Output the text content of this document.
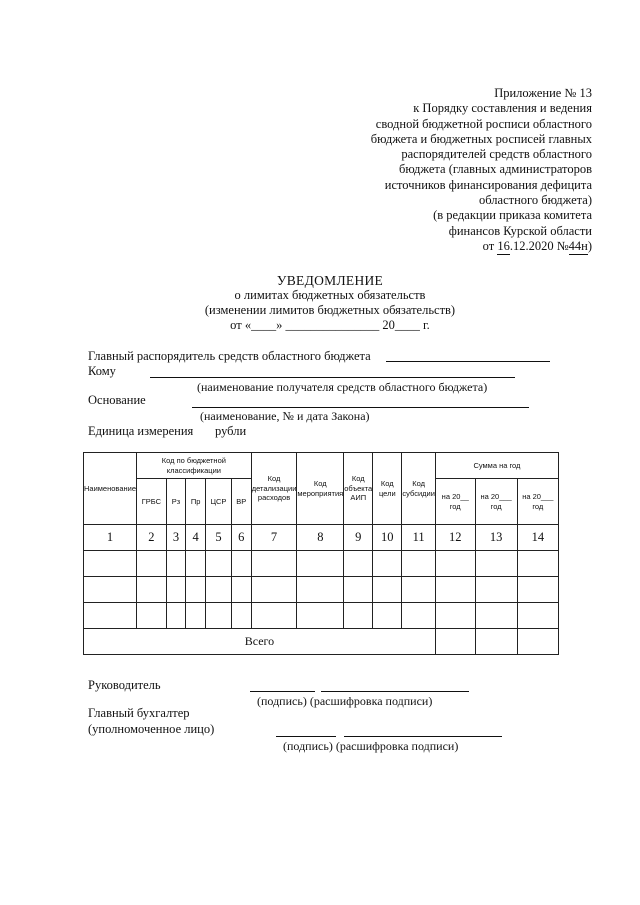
Приложение № 13
к Порядку составления и ведения
сводной бюджетной росписи областного
бюджета и бюджетных росписей главных
распорядителей средств областного
бюджета (главных администраторов
источников финансирования дефицита
областного бюджета)
(в редакции приказа комитета
финансов Курской области
от 16.12.2020 №44н)
УВЕДОМЛЕНИЕ
о лимитах бюджетных обязательств
(изменении лимитов бюджетных обязательств)
от «____» _______________ 20____ г.
Главный распорядитель средств областного бюджета
Кому
(наименование получателя средств областного бюджета)
Основание
(наименование, № и дата Закона)
Единица измерения рубли
Наименование	Код по бюджетной классификации					Код детализации расходов	Код мероприятия	Код объекта АИП	Код цели	Код субсидии	Сумма на год		
	ГРБС	Рз	Пр	ЦСР	ВР						на 20__ год	на 20___ год	на 20___ год
1	2	3	4	5	6	7	8	9	10	11	12	13	14

Всего													
Руководитель
(подпись) (расшифровка подписи)
Главный бухгалтер
(уполномоченное лицо)
(подпись) (расшифровка подписи)
